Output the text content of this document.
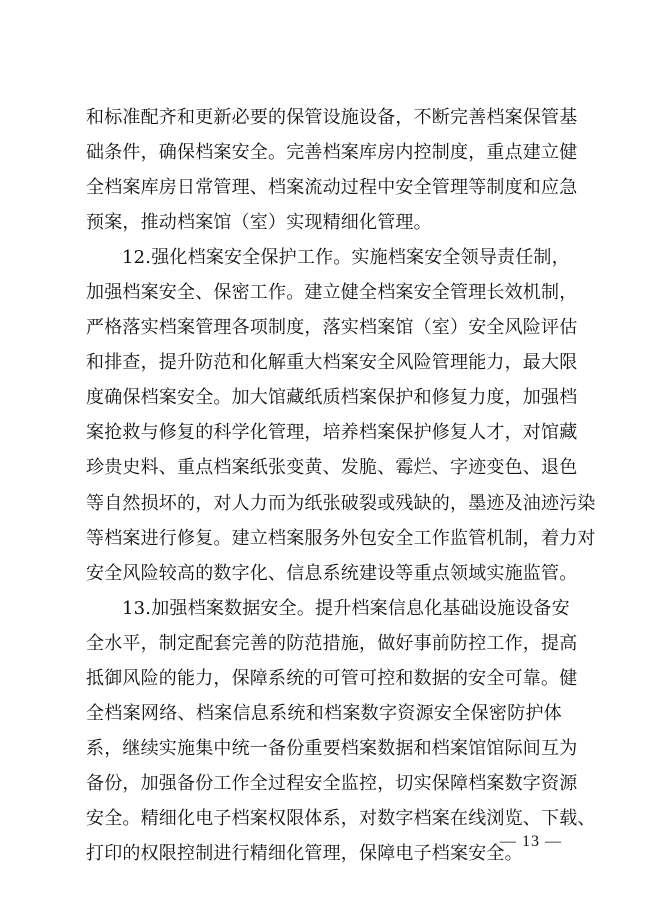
和标准配齐和更新必要的保管设施设备，不断完善档案保管基
础条件，确保档案安全。完善档案库房内控制度，重点建立健
全档案库房日常管理、档案流动过程中安全管理等制度和应急
预案，推动档案馆（室）实现精细化管理。
12.强化档案安全保护工作。实施档案安全领导责任制，
加强档案安全、保密工作。建立健全档案安全管理长效机制，
严格落实档案管理各项制度，落实档案馆（室）安全风险评估
和排查，提升防范和化解重大档案安全风险管理能力，最大限
度确保档案安全。加大馆藏纸质档案保护和修复力度，加强档
案抢救与修复的科学化管理，培养档案保护修复人才，对馆藏
珍贵史料、重点档案纸张变黄、发脆、霉烂、字迹变色、退色
等自然损坏的，对人力而为纸张破裂或残缺的，墨迹及油迹污染
等档案进行修复。建立档案服务外包安全工作监管机制，着力对
安全风险较高的数字化、信息系统建设等重点领域实施监管。
13.加强档案数据安全。提升档案信息化基础设施设备安
全水平，制定配套完善的防范措施，做好事前防控工作，提高
抵御风险的能力，保障系统的可管可控和数据的安全可靠。健
全档案网络、档案信息系统和档案数字资源安全保密防护体
系，继续实施集中统一备份重要档案数据和档案馆馆际间互为
备份，加强备份工作全过程安全监控，切实保障档案数字资源
安全。精细化电子档案权限体系，对数字档案在线浏览、下载、
打印的权限控制进行精细化管理，保障电子档案安全。
— 13 —
